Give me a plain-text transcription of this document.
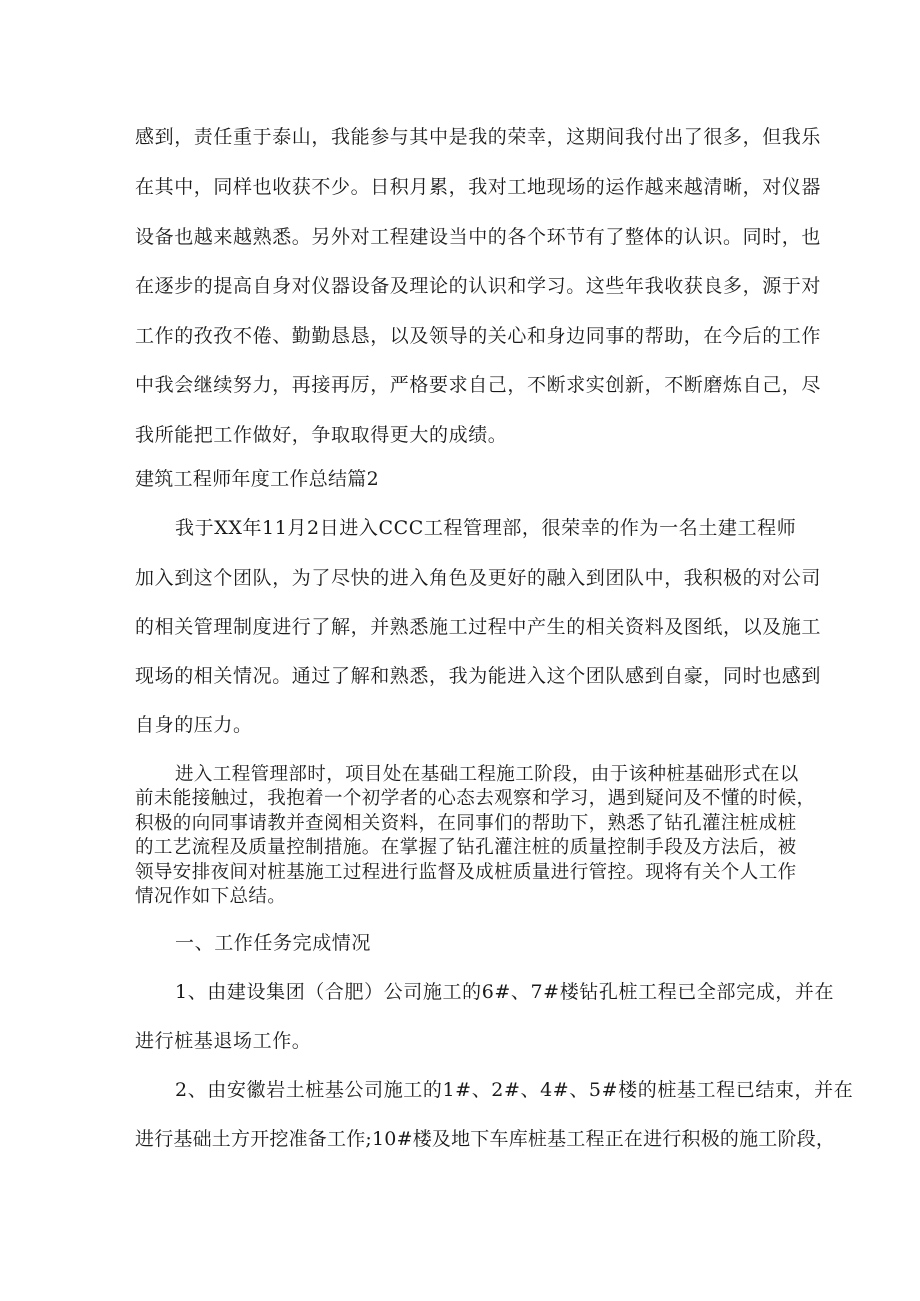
感到，责任重于泰山，我能参与其中是我的荣幸，这期间我付出了很多，但我乐
在其中，同样也收获不少。日积月累，我对工地现场的运作越来越清晰，对仪器
设备也越来越熟悉。另外对工程建设当中的各个环节有了整体的认识。同时，也
在逐步的提高自身对仪器设备及理论的认识和学习。这些年我收获良多，源于对
工作的孜孜不倦、勤勤恳恳，以及领导的关心和身边同事的帮助，在今后的工作
中我会继续努力，再接再厉，严格要求自己，不断求实创新，不断磨炼自己，尽
我所能把工作做好，争取取得更大的成绩。
建筑工程师年度工作总结篇2
我于XX年11月2日进入CCC工程管理部，很荣幸的作为一名土建工程师
加入到这个团队，为了尽快的进入角色及更好的融入到团队中，我积极的对公司
的相关管理制度进行了解，并熟悉施工过程中产生的相关资料及图纸，以及施工
现场的相关情况。通过了解和熟悉，我为能进入这个团队感到自豪，同时也感到
自身的压力。
进入工程管理部时，项目处在基础工程施工阶段，由于该种桩基础形式在以
前未能接触过，我抱着一个初学者的心态去观察和学习，遇到疑问及不懂的时候，
积极的向同事请教并查阅相关资料，在同事们的帮助下，熟悉了钻孔灌注桩成桩
的工艺流程及质量控制措施。在掌握了钻孔灌注桩的质量控制手段及方法后，被
领导安排夜间对桩基施工过程进行监督及成桩质量进行管控。现将有关个人工作
情况作如下总结。
一、工作任务完成情况
1、由建设集团（合肥）公司施工的6#、7#楼钻孔桩工程已全部完成，并在
进行桩基退场工作。
2、由安徽岩土桩基公司施工的1#、2#、4#、5#楼的桩基工程已结束，并在
进行基础土方开挖准备工作;10#楼及地下车库桩基工程正在进行积极的施工阶段，
